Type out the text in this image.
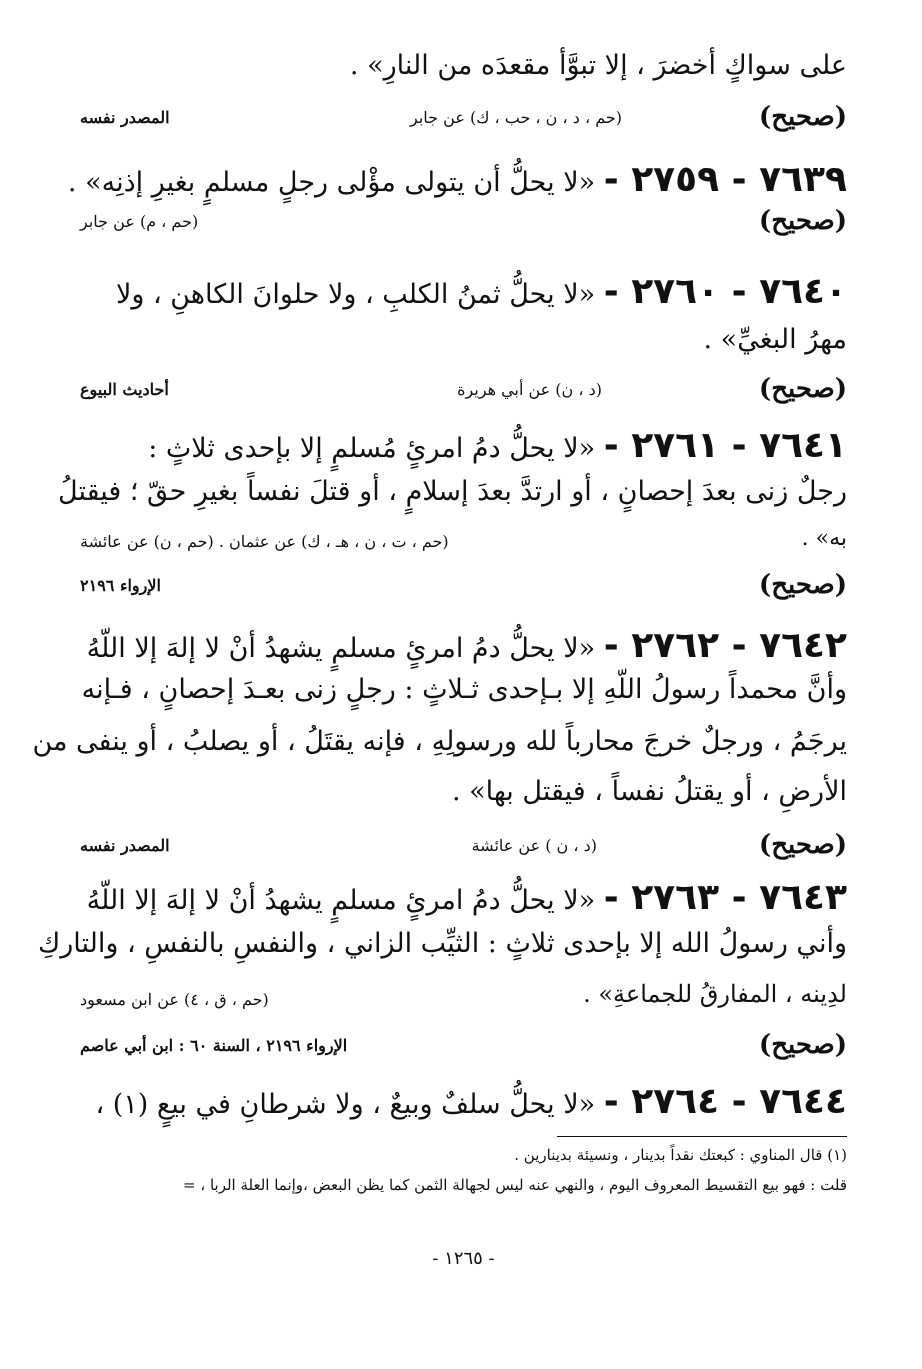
على سواكٍ أخضرَ ، إلا تبوَّأ مقعدَه من النارِ» .
(صحيح)
(حم ، د ، ن ، حب ، ك) عن جابر
المصدر نفسه
٧٦٣٩ - ٢٧٥٩ - «لا يحلُّ أن يتولى مؤْلى رجلٍ مسلمٍ بغيرِ إذنِه» .
(صحيح)
(حم ، م) عن جابر
٧٦٤٠ - ٢٧٦٠ - «لا يحلُّ ثمنُ الكلبِ ، ولا حلوانَ الكاهنِ ، ولا
مهرُ البغيِّ» .
(صحيح)
(د ، ن) عن أبي هريرة
أحاديث البيوع
٧٦٤١ - ٢٧٦١ - «لا يحلُّ دمُ امرئٍ مُسلمٍ إلا بإحدى ثلاثٍ :
رجلٌ زنى بعدَ إحصانٍ ، أو ارتدَّ بعدَ إسلامٍ ، أو قتلَ نفساً بغيرِ حقّ ؛ فيقتلُ
به» .
(حم ، ت ، ن ، هـ ، ك) عن عثمان . (حم ، ن) عن عائشة
(صحيح)
الإرواء ٢١٩٦
٧٦٤٢ - ٢٧٦٢ - «لا يحلُّ دمُ امرئٍ مسلمٍ يشهدُ أنْ لا إلهَ إلا اللّهُ
وأنَّ محمداً رسولُ اللّهِ إلا بـإحدى ثـلاثٍ : رجلٍ زنى بعـدَ إحصانٍ ، فـإنه
يرجَمُ ، ورجلٌ خرجَ محارباً لله ورسولِهِ ، فإنه يقتَلُ ، أو يصلبُ ، أو ينفى من
الأرضِ ، أو يقتلُ نفساً ، فيقتل بها» .
(صحيح)
(د ، ن ) عن عائشة
المصدر نفسه
٧٦٤٣ - ٢٧٦٣ - «لا يحلُّ دمُ امرئٍ مسلمٍ يشهدُ أنْ لا إلهَ إلا اللّهُ
وأني رسولُ الله إلا بإحدى ثلاثٍ : الثيِّب الزاني ، والنفسِ بالنفسِ ، والتاركِ
لدِينه ، المفارقُ للجماعةِ» .
(حم ، ق ، ٤) عن ابن مسعود
(صحيح)
الإرواء ٢١٩٦ ، السنة ٦٠ : ابن أبي عاصم
٧٦٤٤ - ٢٧٦٤ - «لا يحلُّ سلفٌ وبيعٌ ، ولا شرطانِ في بيعٍ (١) ،
(١) قال المناوي : كبعتك نقداً بدينار ، ونسيئة بدينارين .
قلت : فهو بيع التقسيط المعروف اليوم ، والنهي عنه ليس لجهالة الثمن كما يظن البعض ،وإنما العلة الربا ، =
- ١٢٦٥ -
